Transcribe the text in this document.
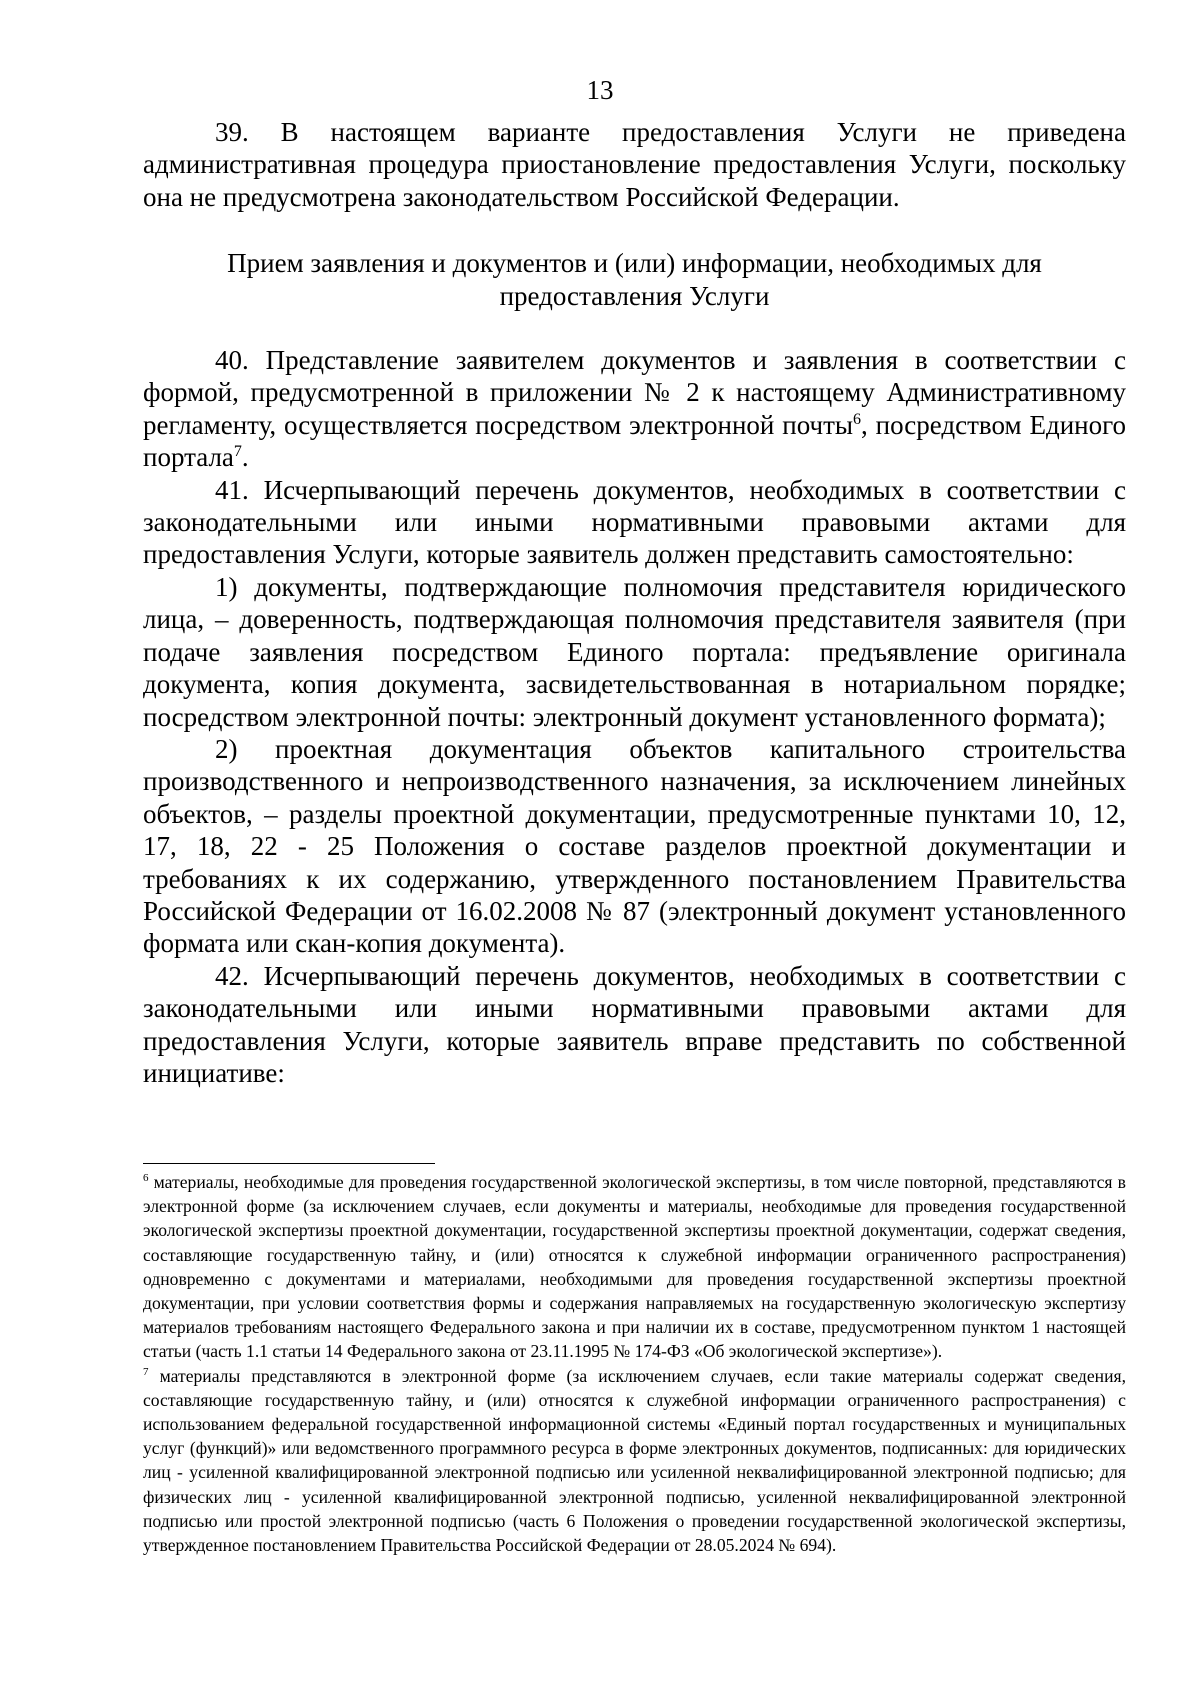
13

39. В настоящем варианте предоставления Услуги не приведена административная процедура приостановление предоставления Услуги, поскольку она не предусмотрена законодательством Российской Федерации.

Прием заявления и документов и (или) информации, необходимых для предоставления Услуги

40. Представление заявителем документов и заявления в соответствии с формой, предусмотренной в приложении № 2 к настоящему Административному регламенту, осуществляется посредством электронной почты$^6$, посредством Единого портала$^7$.

41. Исчерпывающий перечень документов, необходимых в соответствии с законодательными или иными нормативными правовыми актами для предоставления Услуги, которые заявитель должен представить самостоятельно:

1) документы, подтверждающие полномочия представителя юридического лица, – доверенность, подтверждающая полномочия представителя заявителя (при подаче заявления посредством Единого портала: предъявление оригинала документа, копия документа, засвидетельствованная в нотариальном порядке; посредством электронной почты: электронный документ установленного формата);

2) проектная документация объектов капитального строительства производственного и непроизводственного назначения, за исключением линейных объектов, – разделы проектной документации, предусмотренные пунктами 10, 12, 17, 18, 22 - 25 Положения о составе разделов проектной документации и требованиях к их содержанию, утвержденного постановлением Правительства Российской Федерации от 16.02.2008 № 87 (электронный документ установленного формата или скан-копия документа).

42. Исчерпывающий перечень документов, необходимых в соответствии с законодательными или иными нормативными правовыми актами для предоставления Услуги, которые заявитель вправе представить по собственной инициативе:

$^6$ материалы, необходимые для проведения государственной экологической экспертизы, в том числе повторной, представляются в электронной форме (за исключением случаев, если документы и материалы, необходимые для проведения государственной экологической экспертизы проектной документации, государственной экспертизы проектной документации, содержат сведения, составляющие государственную тайну, и (или) относятся к служебной информации ограниченного распространения) одновременно с документами и материалами, необходимыми для проведения государственной экспертизы проектной документации, при условии соответствия формы и содержания направляемых на государственную экологическую экспертизу материалов требованиям настоящего Федерального закона и при наличии их в составе, предусмотренном пунктом 1 настоящей статьи (часть 1.1 статьи 14 Федерального закона от 23.11.1995 № 174-ФЗ «Об экологической экспертизе»).

$^7$ материалы представляются в электронной форме (за исключением случаев, если такие материалы содержат сведения, составляющие государственную тайну, и (или) относятся к служебной информации ограниченного распространения) с использованием федеральной государственной информационной системы «Единый портал государственных и муниципальных услуг (функций)» или ведомственного программного ресурса в форме электронных документов, подписанных: для юридических лиц - усиленной квалифицированной электронной подписью или усиленной неквалифицированной электронной подписью; для физических лиц - усиленной квалифицированной электронной подписью, усиленной неквалифицированной электронной подписью или простой электронной подписью (часть 6 Положения о проведении государственной экологической экспертизы, утвержденное постановлением Правительства Российской Федерации от 28.05.2024 № 694).
